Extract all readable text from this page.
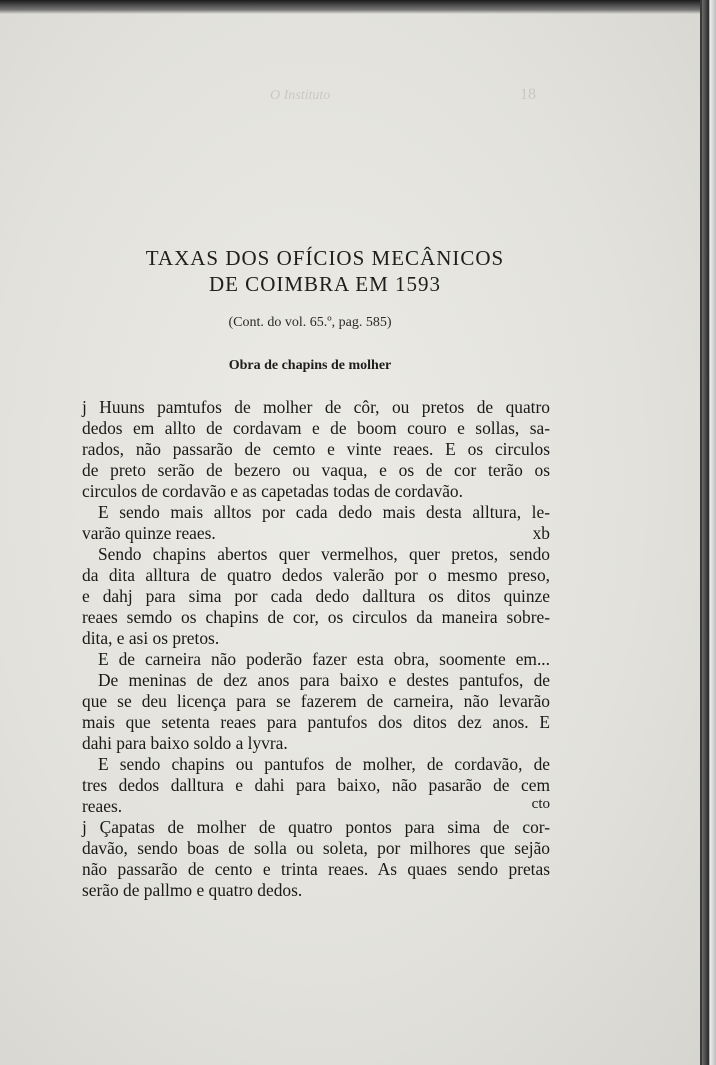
O Instituto	18
TAXAS DOS OFÍCIOS MECÂNICOS
DE COIMBRA EM 1593
(Cont. do vol. 65.º, pag. 585)
Obra de chapins de molher
j Huuns pamtufos de molher de côr, ou pretos de quatro
dedos em allto de cordavam e de boom couro e sollas, sa-
rados, não passarão de cemto e vinte reaes. E os circulos
de preto serão de bezero ou vaqua, e os de cor terão os
circulos de cordavão e as capetadas todas de cordavão.
E sendo mais alltos por cada dedo mais desta alltura, le-
varão quinze reaes.	xb
Sendo chapins abertos quer vermelhos, quer pretos, sendo
da dita alltura de quatro dedos valerão por o mesmo preso,
e dahj para sima por cada dedo dalltura os ditos quinze
reaes semdo os chapins de cor, os circulos da maneira sobre-
dita, e asi os pretos.
E de carneira não poderão fazer esta obra, soomente em...
De meninas de dez anos para baixo e destes pantufos, de
que se deu licença para se fazerem de carneira, não levarão
mais que setenta reaes para pantufos dos ditos dez anos. E
dahi para baixo soldo a lyvra.
E sendo chapins ou pantufos de molher, de cordavão, de
tres dedos dalltura e dahi para baixo, não pasarão de cem
reaes.	cto
j Çapatas de molher de quatro pontos para sima de cor-
davão, sendo boas de solla ou soleta, por milhores que sejão
não passarão de cento e trinta reaes. As quaes sendo pretas
serão de pallmo e quatro dedos.
